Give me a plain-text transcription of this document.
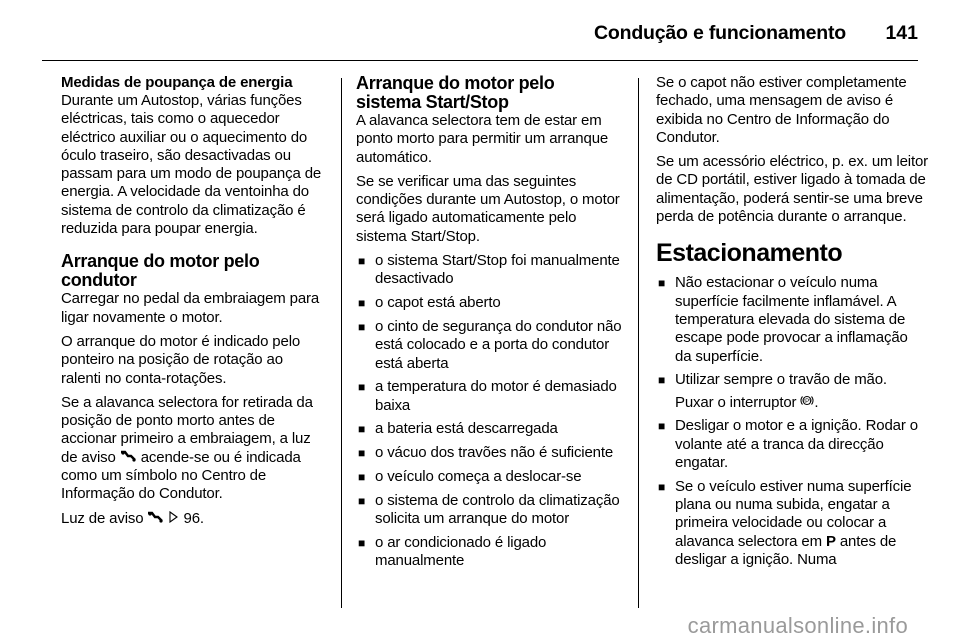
Condução e funcionamento 141
Medidas de poupança de energia

Durante um Autostop, várias funções eléctricas, tais como o aquecedor eléctrico auxiliar ou o aquecimento do óculo traseiro, são desactivadas ou passam para um modo de poupança de energia. A velocidade da ventoinha do sistema de controlo da climatização é reduzida para poupar energia.

Arranque do motor pelo condutor

Carregar no pedal da embraiagem para ligar novamente o motor.

O arranque do motor é indicado pelo ponteiro na posição de rotação ao ralenti no conta-rotações.

Se a alavanca selectora for retirada da posição de ponto morto antes de accionar primeiro a embraiagem, a luz de aviso acende-se ou é indicada como um símbolo no Centro de Informação do Condutor.

Luz de aviso	96.

Arranque do motor pelo sistema Start/Stop

A alavanca selectora tem de estar em ponto morto para permitir um arranque automático.

Se se verificar uma das seguintes condições durante um Autostop, o motor será ligado automaticamente pelo sistema Start/Stop.

■ o sistema Start/Stop foi manualmente desactivado
■ o capot está aberto
■ o cinto de segurança do condutor não está colocado e a porta do condutor está aberta
■ a temperatura do motor é demasiado baixa
■ a bateria está descarregada
■ o vácuo dos travões não é suficiente
■ o veículo começa a deslocar-se
■ o sistema de controlo da climatização solicita um arranque do motor
■ o ar condicionado é ligado manualmente

Se o capot não estiver completamente fechado, uma mensagem de aviso é exibida no Centro de Informação do Condutor.

Se um acessório eléctrico, p. ex. um leitor de CD portátil, estiver ligado à tomada de alimentação, poderá sentir-se uma breve perda de potência durante o arranque.

Estacionamento
■ Não estacionar o veículo numa superfície facilmente inflamável. A temperatura elevada do sistema de escape pode provocar a inflamação da superfície.
■ Utilizar sempre o travão de mão.
Puxar o interruptor (P) .
■ Desligar o motor e a ignição. Rodar o volante até a tranca da direcção engatar.
■ Se o veículo estiver numa superfície plana ou numa subida, engatar a primeira velocidade ou colocar a alavanca selectora em P antes de desligar a ignição. Numa
carmanualsonline.info
